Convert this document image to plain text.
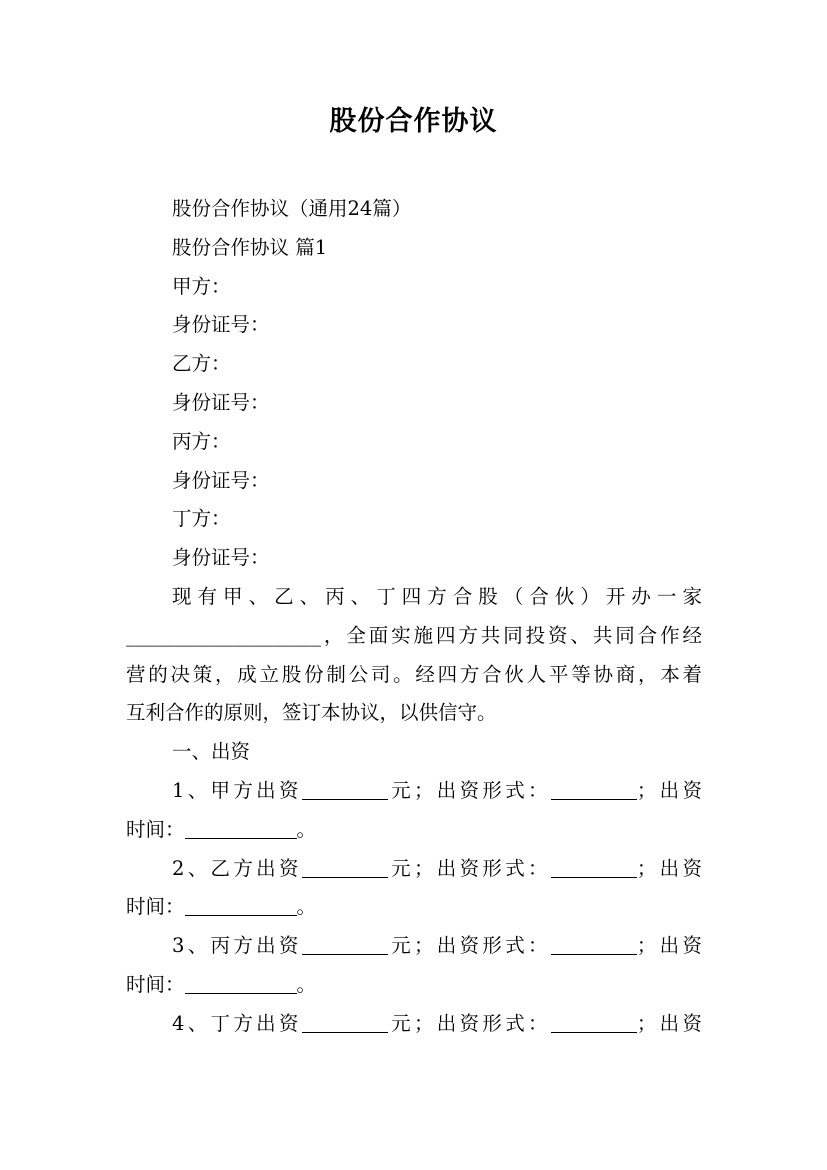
股份合作协议

股份合作协议（通用24篇）

股份合作协议 篇1

甲方：

身份证号：

乙方：

身份证号：

丙方：

身份证号：

丁方：

身份证号：

现有甲、乙、丙、丁四方合股（合伙）开办一家
____________________，全面实施四方共同投资、共同合作经
营的决策，成立股份制公司。经四方合伙人平等协商，本着
互利合作的原则，签订本协议，以供信守。

一、出资

1、甲方出资	元；出资形式：	；出资
时间：	。
2、乙方出资	元；出资形式：	；出资
时间：	。
3、丙方出资	元；出资形式：	；出资
时间：	。
4、丁方出资	元；出资形式：	；出资
